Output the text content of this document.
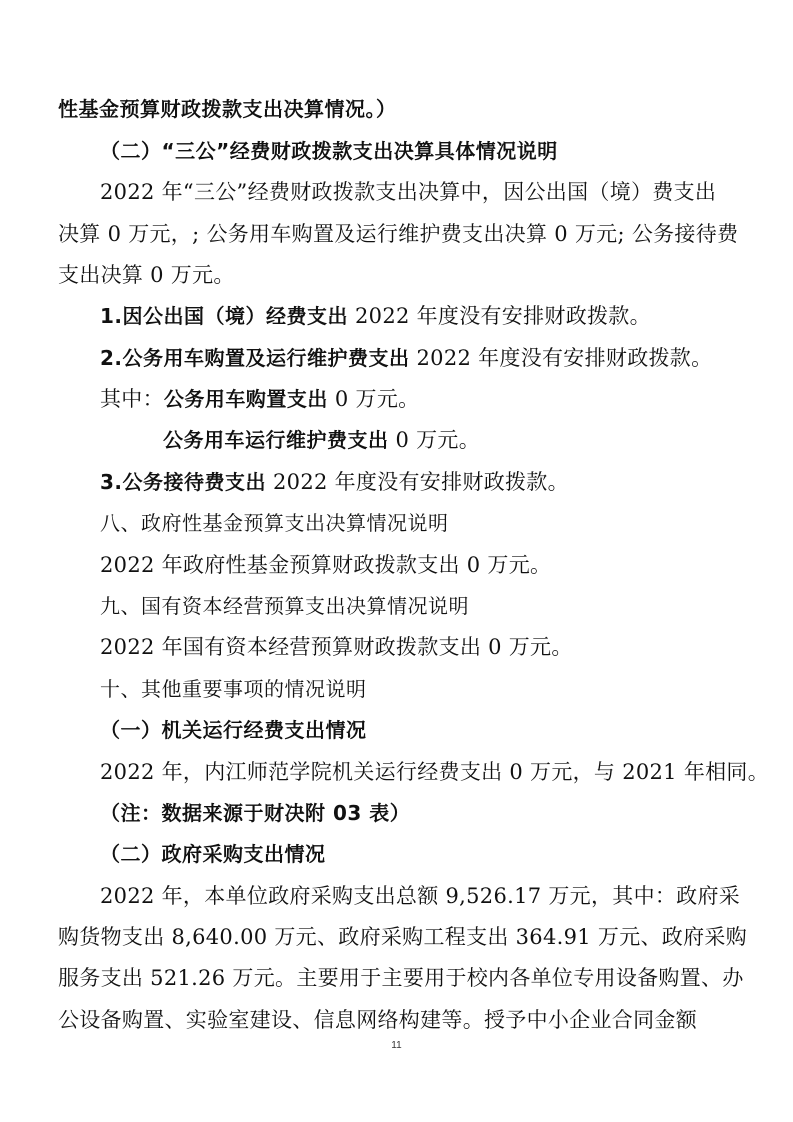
性基金预算财政拨款支出决算情况。）
（二）“三公”经费财政拨款支出决算具体情况说明
2022 年“三公”经费财政拨款支出决算中，因公出国（境）费支出
决算 0 万元，; 公务用车购置及运行维护费支出决算 0 万元; 公务接待费
支出决算 0 万元。
1.因公出国（境）经费支出 2022 年度没有安排财政拨款。
2.公务用车购置及运行维护费支出 2022 年度没有安排财政拨款。
其中：公务用车购置支出 0 万元。
公务用车运行维护费支出 0 万元。
3.公务接待费支出 2022 年度没有安排财政拨款。
八、政府性基金预算支出决算情况说明
2022 年政府性基金预算财政拨款支出 0 万元。
九、国有资本经营预算支出决算情况说明
2022 年国有资本经营预算财政拨款支出 0 万元。
十、其他重要事项的情况说明
（一）机关运行经费支出情况
2022 年，内江师范学院机关运行经费支出 0 万元，与 2021 年相同。
（注：数据来源于财决附 03 表）
（二）政府采购支出情况
2022 年，本单位政府采购支出总额 9,526.17 万元，其中：政府采
购货物支出 8,640.00 万元、政府采购工程支出 364.91 万元、政府采购
服务支出 521.26 万元。主要用于主要用于校内各单位专用设备购置、办
公设备购置、实验室建设、信息网络构建等。授予中小企业合同金额
11
